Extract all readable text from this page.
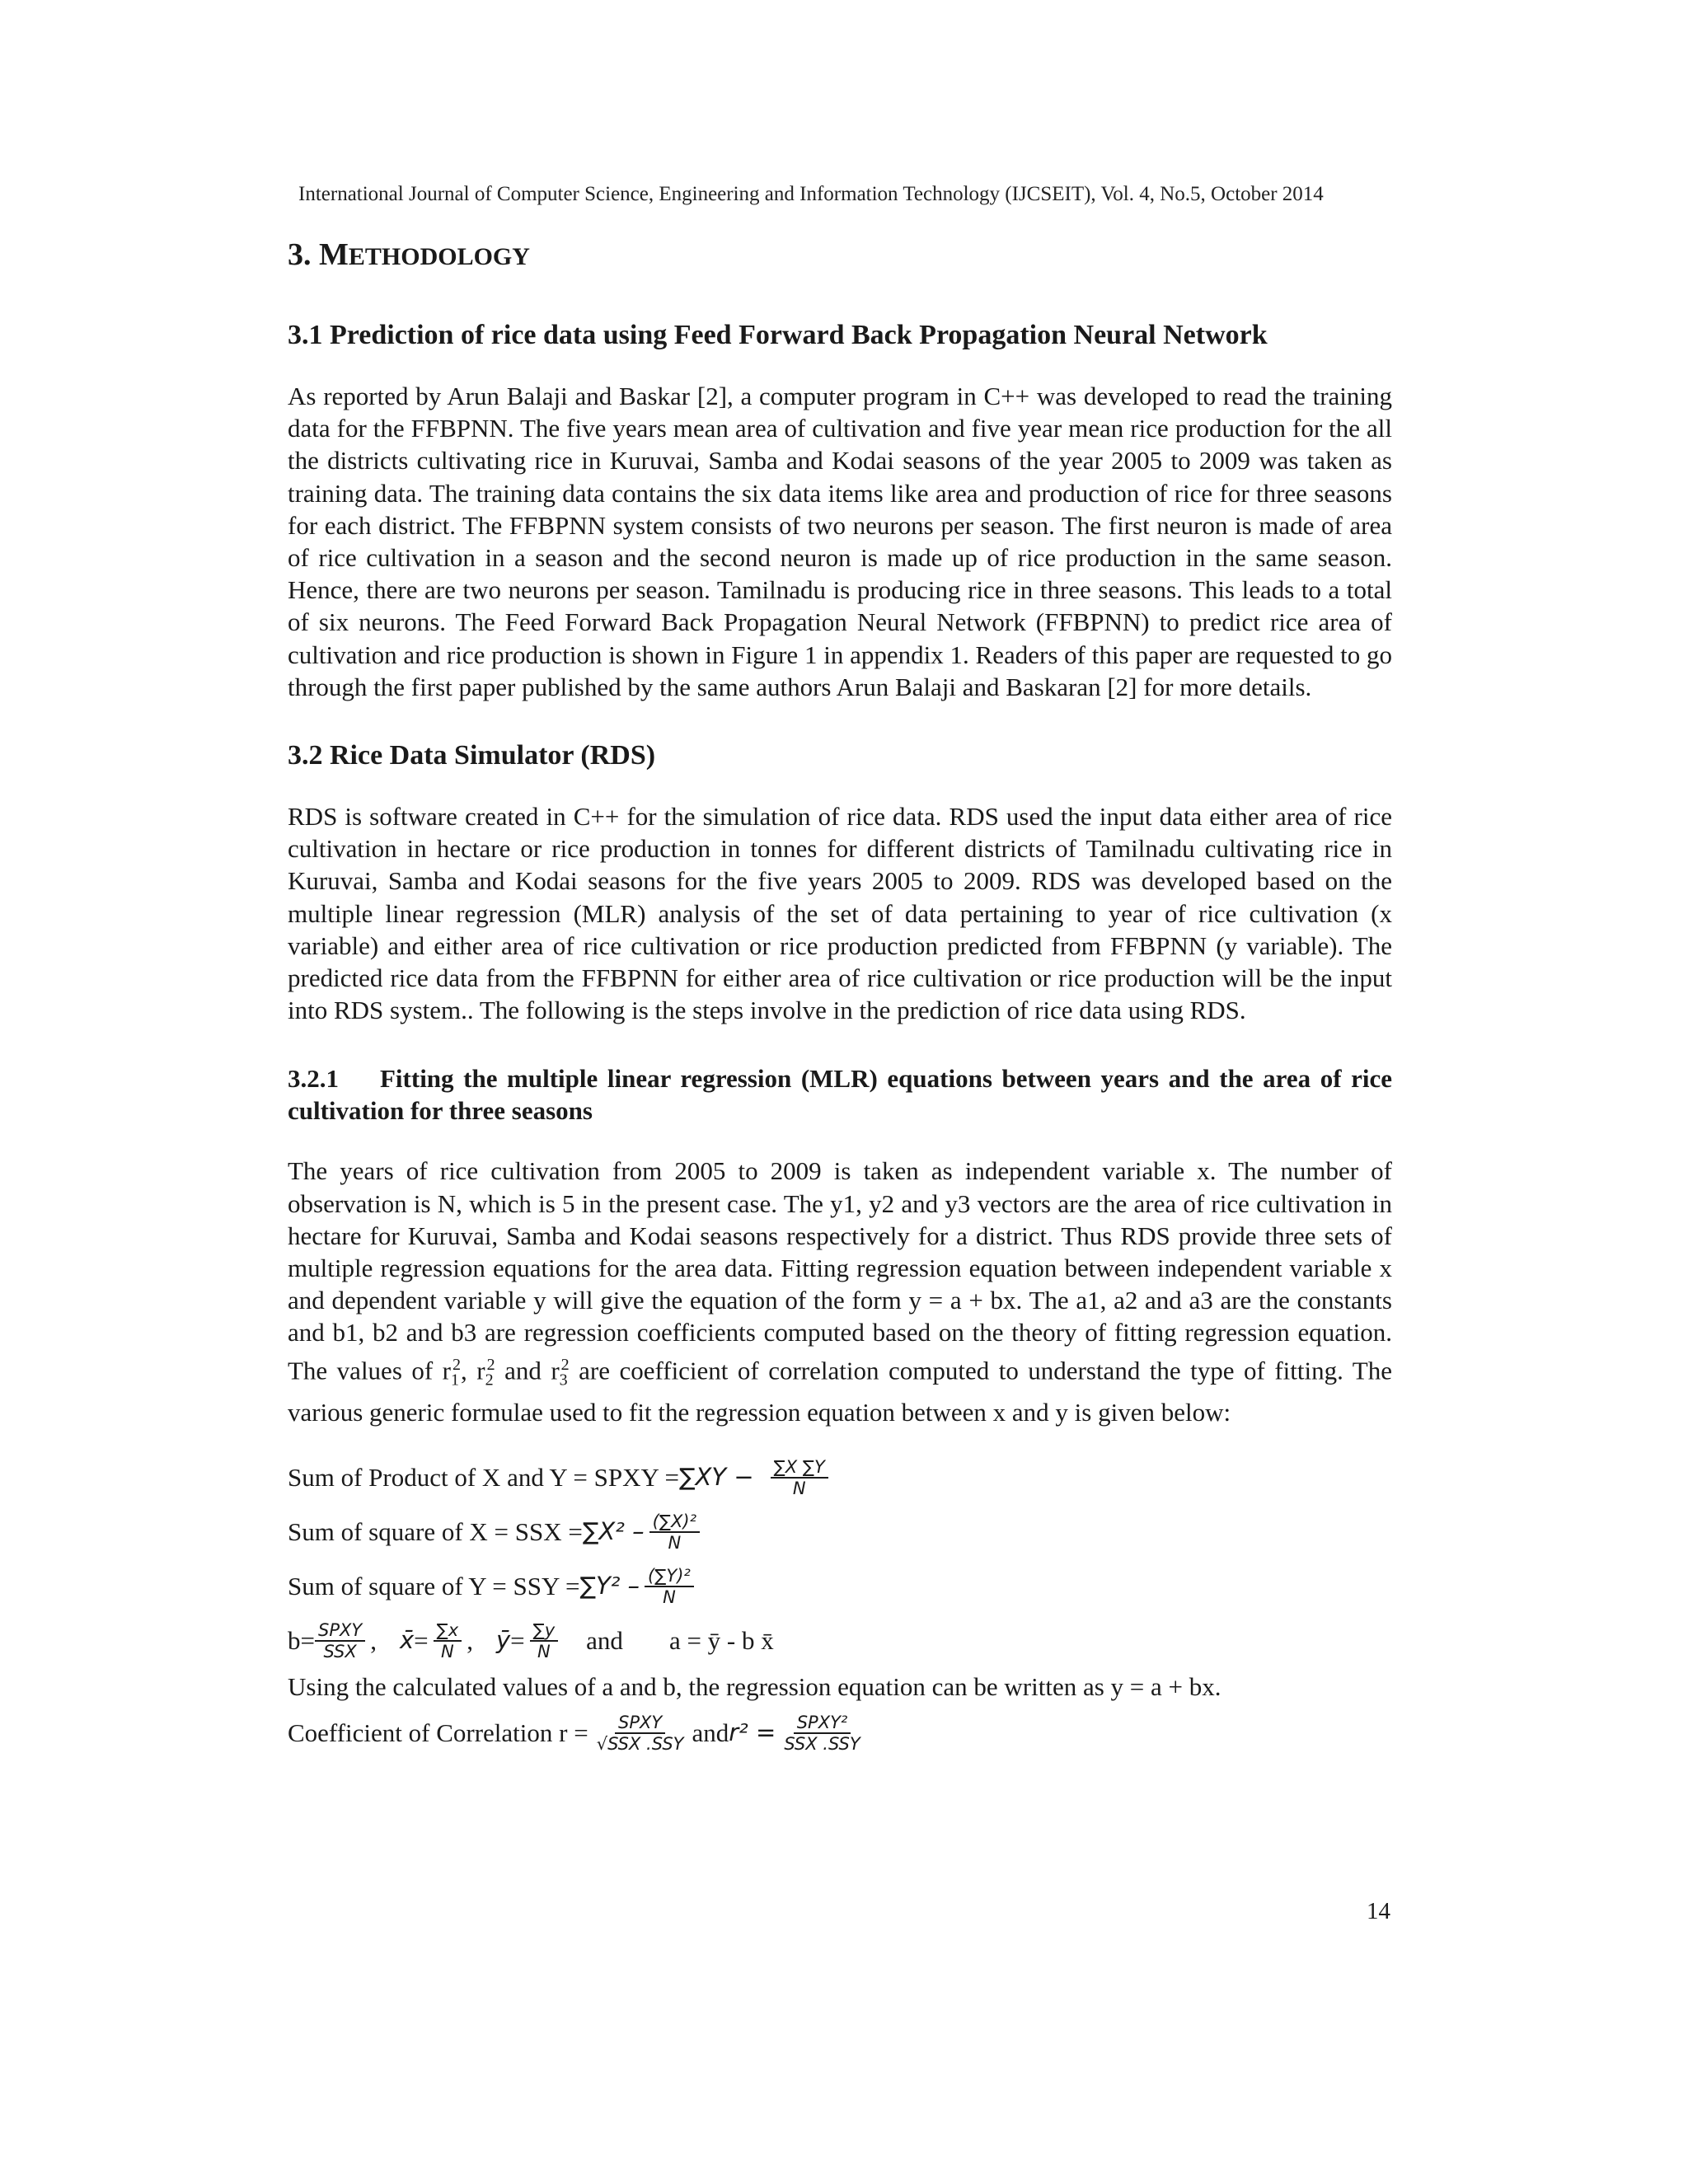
International Journal of Computer Science, Engineering and Information Technology (IJCSEIT), Vol. 4, No.5, October 2014
3. METHODOLOGY
3.1 Prediction of rice data using Feed Forward Back Propagation Neural Network

As reported by Arun Balaji and Baskar [2], a computer program in C++ was developed to read the training data for the FFBPNN. The five years mean area of cultivation and five year mean rice production for the all the districts cultivating rice in Kuruvai, Samba and Kodai seasons of the year 2005 to 2009 was taken as training data. The training data contains the six data items like area and production of rice for three seasons for each district. The FFBPNN system consists of two neurons per season. The first neuron is made of area of rice cultivation in a season and the second neuron is made up of rice production in the same season. Hence, there are two neurons per season. Tamilnadu is producing rice in three seasons. This leads to a total of six neurons. The Feed Forward Back Propagation Neural Network (FFBPNN) to predict rice area of cultivation and rice production is shown in Figure 1 in appendix 1. Readers of this paper are requested to go through the first paper published by the same authors Arun Balaji and Baskaran [2] for more details.

3.2 Rice Data Simulator (RDS)

RDS is software created in C++ for the simulation of rice data. RDS used the input data either area of rice cultivation in hectare or rice production in tonnes for different districts of Tamilnadu cultivating rice in Kuruvai, Samba and Kodai seasons for the five years 2005 to 2009. RDS was developed based on the multiple linear regression (MLR) analysis of the set of data pertaining to year of rice cultivation (x variable) and either area of rice cultivation or rice production predicted from FFBPNN (y variable). The predicted rice data from the FFBPNN for either area of rice cultivation or rice production will be the input into RDS system.. The following is the steps involve in the prediction of rice data using RDS.

3.2.1 Fitting the multiple linear regression (MLR) equations between years and the area of rice cultivation for three seasons

The years of rice cultivation from 2005 to 2009 is taken as independent variable x. The number of observation is N, which is 5 in the present case. The y1, y2 and y3 vectors are the area of rice cultivation in hectare for Kuruvai, Samba and Kodai seasons respectively for a district. Thus RDS provide three sets of multiple regression equations for the area data. Fitting regression equation between independent variable x and dependent variable y will give the equation of the form y = a + bx. The a1, a2 and a3 are the constants and b1, b2 and b3 are regression coefficients computed based on the theory of fitting regression equation. The values of $r_1^2$, $r_2^2$ and $r_3^2$ are coefficient of correlation computed to understand the type of fitting. The various generic formulae used to fit the regression equation between x and y is given below:

Sum of Product of X and Y = SPXY = $\sum XY - \frac{\sum X \sum Y}{N}$
Sum of square of X = SSX = $\sum X^2 - \frac{\text{(∑X)²}}{N}$
Sum of square of Y = SSY = $\sum Y^2 - \frac{\text{(∑Y)²}}{N}$
$b= \frac{\text{SPXY}}{\text{SSX}}$ , x̄ = $\frac{\sum x}{N}$ , ȳ = $\frac{\sum y}{N}$ and a = ȳ - b x̄
Using the calculated values of a and b, the regression equation can be written as y = a + bx.
Coefficient of Correlation $r = \frac{\text{SPXY}}{\text{√SSX .SSY}}$ and $r^2 = \frac{\text{SPXY²}}{\text{SSX .SSY}}$
14
